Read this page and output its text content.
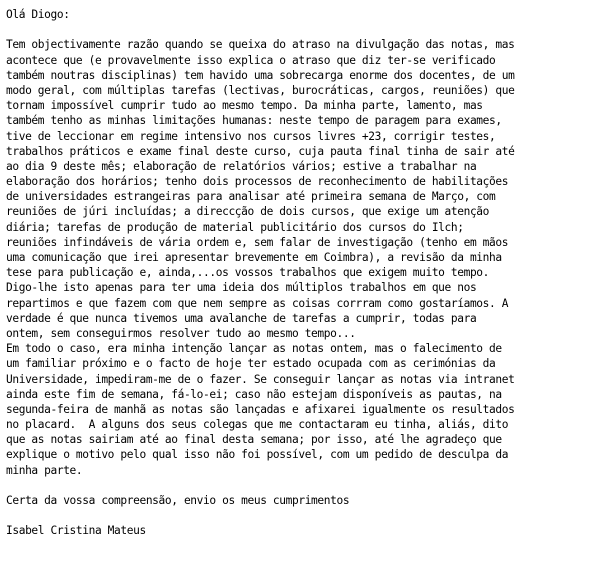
Olá Diogo:
Tem objectivamente razão quando se queixa do atraso na divulgação das notas, mas
acontece que (e provavelmente isso explica o atraso que diz ter-se verificado
também noutras disciplinas) tem havido uma sobrecarga enorme dos docentes, de um
modo geral, com múltiplas tarefas (lectivas, burocráticas, cargos, reuniões) que
tornam impossível cumprir tudo ao mesmo tempo. Da minha parte, lamento, mas
também tenho as minhas limitações humanas: neste tempo de paragem para exames,
tive de leccionar em regime intensivo nos cursos livres +23, corrigir testes,
trabalhos práticos e exame final deste curso, cuja pauta final tinha de sair até
ao dia 9 deste mês; elaboração de relatórios vários; estive a trabalhar na
elaboração dos horários; tenho dois processos de reconhecimento de habilitações
de universidades estrangeiras para analisar até primeira semana de Março, com
reuniões de júri incluídas; a direccção de dois cursos, que exige um atenção
diária; tarefas de produção de material publicitário dos cursos do Ilch;
reuniões infindáveis de vária ordem e, sem falar de investigação (tenho em mãos
uma comunicação que irei apresentar brevemente em Coimbra), a revisão da minha
tese para publicação e, ainda,...os vossos trabalhos que exigem muito tempo.
Digo-lhe isto apenas para ter uma ideia dos múltiplos trabalhos em que nos
repartimos e que fazem com que nem sempre as coisas corrram como gostaríamos. A
verdade é que nunca tivemos uma avalanche de tarefas a cumprir, todas para
ontem, sem conseguirmos resolver tudo ao mesmo tempo...
Em todo o caso, era minha intenção lançar as notas ontem, mas o falecimento de
um familiar próximo e o facto de hoje ter estado ocupada com as cerimónias da
Universidade, impediram-me de o fazer. Se conseguir lançar as notas via intranet
ainda este fim de semana, fá-lo-ei; caso não estejam disponíveis as pautas, na
segunda-feira de manhã as notas são lançadas e afixarei igualmente os resultados
no placard.  A alguns dos seus colegas que me contactaram eu tinha, aliás, dito
que as notas sairiam até ao final desta semana; por isso, até lhe agradeço que
explique o motivo pelo qual isso não foi possível, com um pedido de desculpa da
minha parte.
Certa da vossa compreensão, envio os meus cumprimentos
Isabel Cristina Mateus
